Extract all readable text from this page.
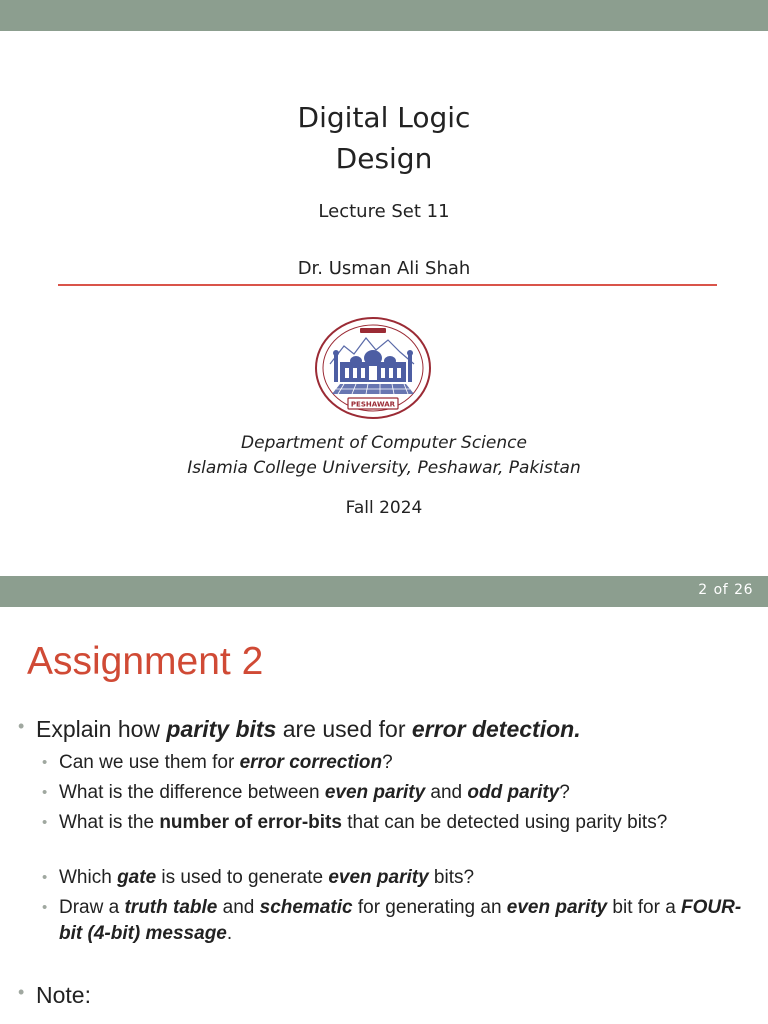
Digital Logic
Design
Lecture Set 11
Dr. Usman Ali Shah
PESHAWAR
Department of Computer Science
Islamia College University, Peshawar, Pakistan
Fall 2024
2 of 26
Assignment 2
• Explain how parity bits are used for error detection.
• Can we use them for error correction?
• What is the difference between even parity and odd parity?
• What is the number of error-bits that can be detected using parity bits?
• Which gate is used to generate even parity bits?
• Draw a truth table and schematic for generating an even parity bit for a FOUR-bit (4-bit) message.
• Note:
